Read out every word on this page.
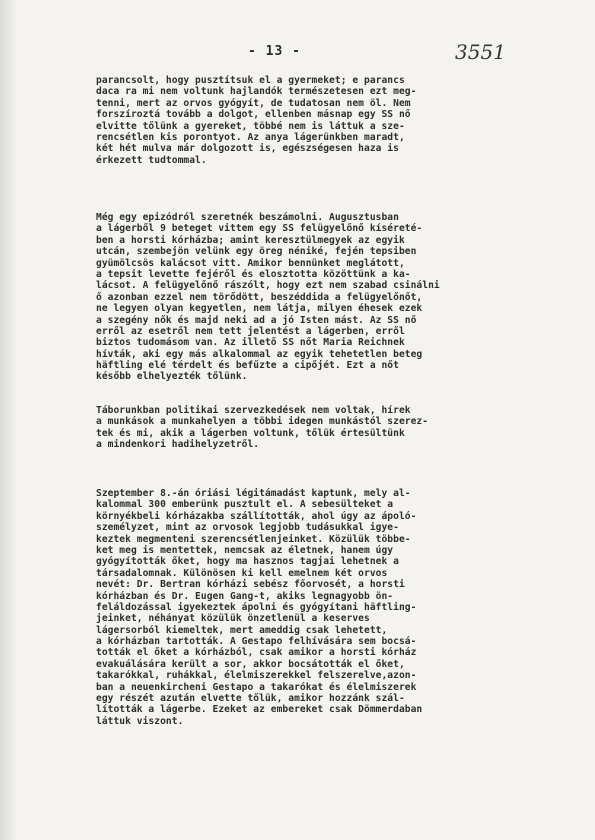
- 13 -	3551
parancsolt, hogy pusztítsuk el a gyermeket; e parancs
daca ra mi nem voltunk hajlandók természetesen ezt meg-
tenni, mert az orvos gyógyít, de tudatosan nem öl. Nem
forszíroztá tovább a dolgot, ellenben másnap egy SS nő
elvitte tőlünk a gyereket, többé nem is láttuk a sze-
rencsétlen kis porontyot. Az anya lágerünkben maradt,
két hét mulva már dolgozott is, egészségesen haza is
érkezett tudtommal.
Még egy epizódról szeretnék beszámolni. Augusztusban
a lágerből 9 beteget vittem egy SS felügyelőnő kíséreté-
ben a horsti kórházba; amint keresztülmegyek az egyik
utcán, szembejön velünk egy öreg néniké, fején tepsiben
gyümölcsös kalácsot vitt. Amikor bennünket meglátott,
a tepsit levette fejéről és elosztotta közöttünk a ka-
lácsot. A felügyelőnő rászólt, hogy ezt nem szabad csinálni
ő azonban ezzel nem törődött, beszéddida a felügyelőnőt,
ne legyen olyan kegyetlen, nem látja, milyen éhesek ezek
a szegény nők és majd neki ad a jó Isten mást. Az SS nő
erről az esetről nem tett jelentést a lágerben, erről
biztos tudomásom van. Az illető SS nőt Maria Reichnek
hívták, aki egy más alkalommal az egyik tehetetlen beteg
häftling elé térdelt és befűzte a cipőjét. Ezt a nőt
később elhelyezték tőlünk.
Táborunkban politikai szervezkedések nem voltak, hírek
a munkások a munkahelyen a többi idegen munkástól szerez-
tek és mi, akik a lágerben voltunk, tőlük értesültünk
a mindenkori hadihelyzetről.
Szeptember 8.-án óriási légitámadást kaptunk, mely al-
kalommal 300 emberünk pusztult el. A sebesülteket a
környékbeli kórházakba szállították, ahol úgy az ápoló-
személyzet, mint az orvosok legjobb tudásukkal igye-
keztek megmenteni szerencsétlenjeinket. Közülük többe-
ket meg is mentettek, nemcsak az életnek, hanem úgy
gyógyították őket, hogy ma hasznos tagjai lehetnek a
társadalomnak. Különösen ki kell emelnem két orvos
nevét: Dr. Bertran kórházi sebész főorvosét, a horsti
kórházban és Dr. Eugen Gang-t, akiks legnagyobb ön-
feláldozással igyekeztek ápolni és gyógyítani häftling-
jeinket, néhányat közülük önzetlenül a keserves
lágersorból kiemeltek, mert ameddig csak lehetett,
a kórházban tartották. A Gestapo felhívására sem bocsá-
tották el őket a kórházból, csak amikor a horsti kórház
evakuálására került a sor, akkor bocsátották el őket,
takarókkal, ruhákkal, élelmiszerekkel felszerelve,azon-
ban a neuenkircheni Gestapo a takarókat és élelmiszerek
egy részét azután elvette tőlük, amikor hozzánk szál-
lították a lágerbe. Ezeket az embereket csak Dömmerdaban
láttuk viszont.
